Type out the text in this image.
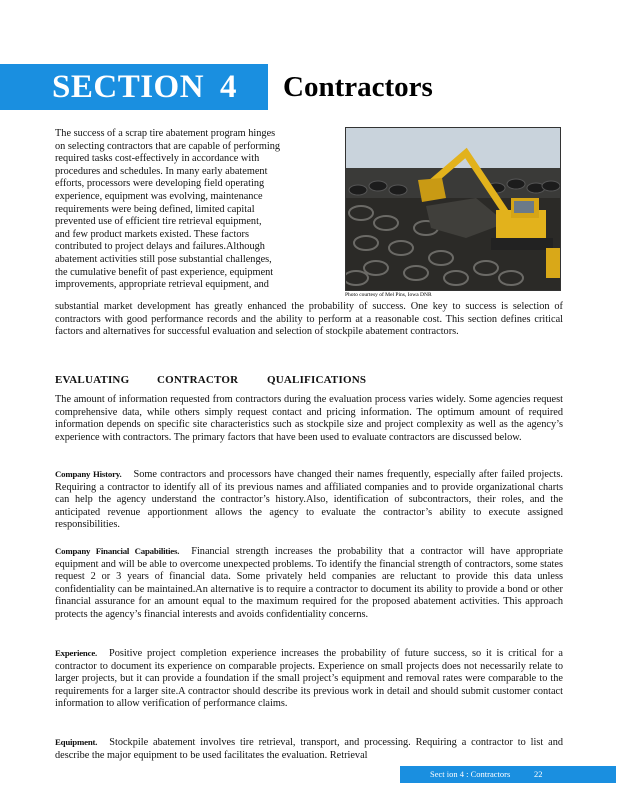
SECTION 4 Contractors
The success of a scrap tire abatement program hinges
on selecting contractors that are capable of performing
required tasks cost-effectively in accordance with
procedures and schedules. In many early abatement
efforts, processors were developing field operating
experience, equipment was evolving, maintenance
requirements were being defined, limited capital
prevented use of efficient tire retrieval equipment,
and few product markets existed. These factors
contributed to project delays and failures.Although
abatement activities still pose substantial challenges,
the cumulative benefit of past experience, equipment
improvements, appropriate retrieval equipment, and
Photo courtesy of Mel Pins, Iowa DNR
substantial market development has greatly enhanced the probability of success. One key to success is selection of contractors with good performance records and the ability to perform at a reasonable cost. This section defines critical factors and alternatives for successful evaluation and selection of stockpile abatement contractors.
EVALUATING	CONTRACTOR	QUALIFICATIONS
The amount of information requested from contractors during the evaluation process varies widely. Some agencies request comprehensive data, while others simply request contact and pricing information. The optimum amount of required information depends on specific site characteristics such as stockpile size and project complexity as well as the agency’s experience with contractors. The primary factors that have been used to evaluate contractors are discussed below.
Company History. Some contractors and processors have changed their names frequently, especially after failed projects. Requiring a contractor to identify all of its previous names and affiliated companies and to provide organizational charts can help the agency understand the contractor’s history.Also, identification of subcontractors, their roles, and the anticipated revenue apportionment allows the agency to evaluate the contractor’s ability to execute assigned responsibilities.
Company Financial Capabilities. Financial strength increases the probability that a contractor will have appropriate equipment and will be able to overcome unexpected problems. To identify the financial strength of contractors, some states request 2 or 3 years of financial data. Some privately held companies are reluctant to provide this data unless confidentiality can be maintained.An alternative is to require a contractor to document its ability to provide a bond or other financial assurance for an amount equal to the maximum required for the proposed abatement activities. This approach protects the agency’s financial interests and avoids confidentiality concerns.
Experience. Positive project completion experience increases the probability of future success, so it is critical for a contractor to document its experience on comparable projects. Experience on small projects does not necessarily relate to larger projects, but it can provide a foundation if the small project’s equipment and removal rates were comparable to the requirements for a larger site.A contractor should describe its previous work in detail and should submit customer contact information to allow verification of performance claims.
Equipment. Stockpile abatement involves tire retrieval, transport, and processing. Requiring a contractor to list and describe the major equipment to be used facilitates the evaluation. Retrieval
Sect ion 4 : Contractors	22
